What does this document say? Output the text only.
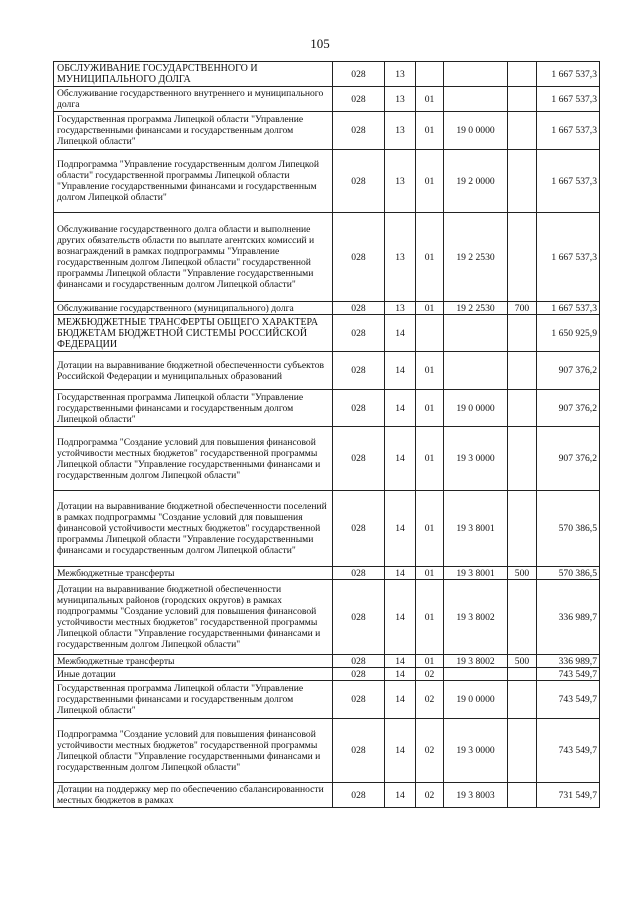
105
ОБСЛУЖИВАНИЕ ГОСУДАРСТВЕННОГО И МУНИЦИПАЛЬНОГО ДОЛГА	028	13				1 667 537,3
Обслуживание государственного внутреннего и муниципального долга	028	13	01			1 667 537,3
Государственная программа Липецкой области "Управление государственными финансами и государственным долгом Липецкой области"	028	13	01	19 0 0000		1 667 537,3
Подпрограмма "Управление государственным долгом Липецкой области" государственной программы Липецкой области "Управление государственными финансами и государственным долгом Липецкой области"	028	13	01	19 2 0000		1 667 537,3
Обслуживание государственного долга области и выполнение других обязательств области по выплате агентских комиссий и вознаграждений в рамках подпрограммы "Управление государственным долгом Липецкой области" государственной программы Липецкой области "Управление государственными финансами и государственным долгом Липецкой области"	028	13	01	19 2 2530		1 667 537,3
Обслуживание государственного (муниципального) долга	028	13	01	19 2 2530	700	1 667 537,3
МЕЖБЮДЖЕТНЫЕ ТРАНСФЕРТЫ ОБЩЕГО ХАРАКТЕРА БЮДЖЕТАМ БЮДЖЕТНОЙ СИСТЕМЫ РОССИЙСКОЙ ФЕДЕРАЦИИ	028	14				1 650 925,9
Дотации на выравнивание бюджетной обеспеченности субъектов Российской Федерации и муниципальных образований	028	14	01			907 376,2
Государственная программа Липецкой области "Управление государственными финансами и государственным долгом Липецкой области"	028	14	01	19 0 0000		907 376,2
Подпрограмма "Создание условий для повышения финансовой устойчивости местных бюджетов" государственной программы Липецкой области "Управление государственными финансами и государственным долгом Липецкой области"	028	14	01	19 3 0000		907 376,2
Дотации на выравнивание бюджетной обеспеченности поселений в рамках подпрограммы "Создание условий для повышения финансовой устойчивости местных бюджетов" государственной программы Липецкой области "Управление государственными финансами и государственным долгом Липецкой области"	028	14	01	19 3 8001		570 386,5
Межбюджетные трансферты	028	14	01	19 3 8001	500	570 386,5
Дотации на выравнивание бюджетной обеспеченности муниципальных районов (городских округов) в рамках подпрограммы "Создание условий для повышения финансовой устойчивости местных бюджетов" государственной программы Липецкой области "Управление государственными финансами и государственным долгом Липецкой области"	028	14	01	19 3 8002		336 989,7
Межбюджетные трансферты	028	14	01	19 3 8002	500	336 989,7
Иные дотации	028	14	02			743 549,7
Государственная программа Липецкой области "Управление государственными финансами и государственным долгом Липецкой области"	028	14	02	19 0 0000		743 549,7
Подпрограмма "Создание условий для повышения финансовой устойчивости местных бюджетов" государственной программы Липецкой области "Управление государственными финансами и государственным долгом Липецкой области"	028	14	02	19 3 0000		743 549,7
Дотации на поддержку мер по обеспечению сбалансированности местных бюджетов в рамках	028	14	02	19 3 8003		731 549,7
